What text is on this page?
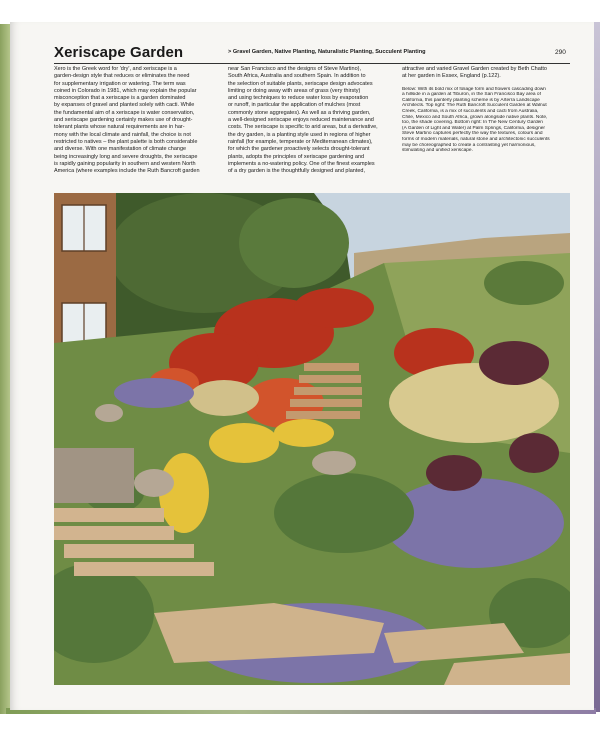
Xeriscape Garden	> Gravel Garden, Native Planting, Naturalistic Planting, Succulent Planting	290
Xero is the Greek word for 'dry', and xeriscape is a
garden-design style that reduces or eliminates the need
for supplementary irrigation or watering. The term was
coined in Colorado in 1981, which may explain the popular
misconception that a xeriscape is a garden dominated
by expanses of gravel and planted solely with cacti. While
the fundamental aim of a xeriscape is water conservation,
and xeriscape gardening certainly makes use of drought-
tolerant plants whose natural requirements are in har-
mony with the local climate and rainfall, the choice is not
restricted to natives – the plant palette is both considerable
and diverse. With one manifestation of climate change
being increasingly long and severe droughts, the xeriscape
is rapidly gaining popularity in southern and western North
America (where examples include the Ruth Bancroft garden
near San Francisco and the designs of Steve Martino),
South Africa, Australia and southern Spain. In addition to
the selection of suitable plants, xeriscape design advocates
limiting or doing away with areas of grass (very thirsty)
and using techniques to reduce water loss by evaporation
or runoff, in particular the application of mulches (most
commonly stone aggregates). As well as a thriving garden,
a well-designed xeriscape enjoys reduced maintenance and
costs. The xeriscape is specific to arid areas, but a derivative,
the dry garden, is a planting style used in regions of higher
rainfall (for example, temperate or Mediterranean climates),
for which the gardener proactively selects drought-tolerant
plants, adopts the principles of xeriscape gardening and
implements a no-watering policy. One of the finest examples
of a dry garden is the thoughtfully designed and planted,
attractive and varied Gravel Garden created by Beth Chatto
at her garden in Essex, England (p.122).
Below: With its bold mix of foliage form and flowers cascading down
a hillside in a garden at Tiburon, in the San Francisco Bay area of
California, this painterly planting scheme is by Arterra Landscape
Architects. Top right: The Ruth Bancroft Succulent Garden at Walnut
Creek, California, is a mix of succulents and cacti from Australia,
Chile, Mexico and South Africa, grown alongside native plants. Note,
too, the shade covering. Bottom right: In The New Century Garden
(A Garden of Light and Water) at Palm Springs, California, designer
Steve Martino captures perfectly the way the textures, colours and
forms of modern materials, natural stone and architectonic succulents
may be choreographed to create a contrasting yet harmonious,
stimulating and unified xeriscape.
